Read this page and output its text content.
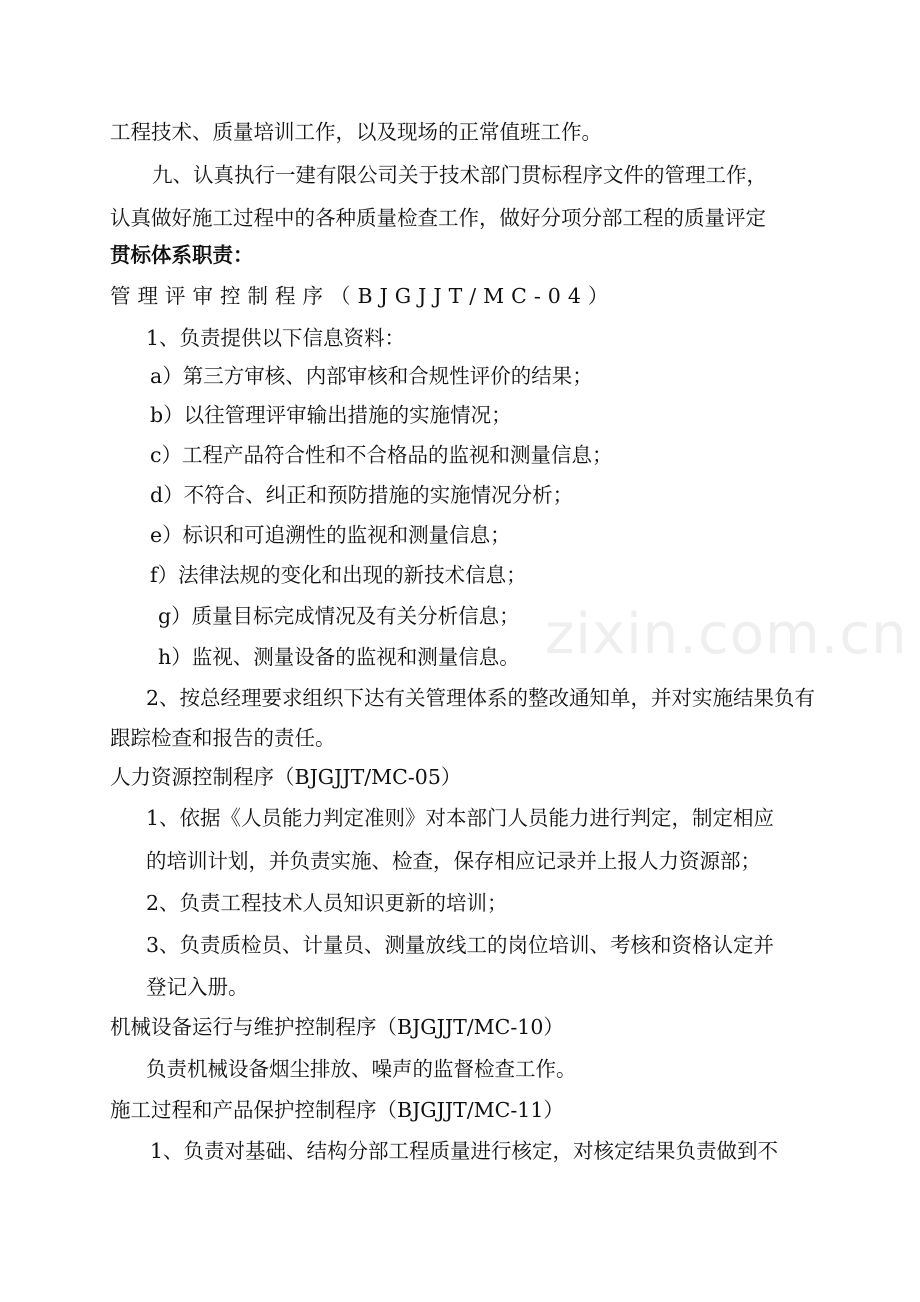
工程技术、质量培训工作，以及现场的正常值班工作。
九、认真执行一建有限公司关于技术部门贯标程序文件的管理工作，
认真做好施工过程中的各种质量检查工作，做好分项分部工程的质量评定
贯标体系职责：
管理评审控制程序（BJGJJT/MC-04）
1、负责提供以下信息资料：
a）第三方审核、内部审核和合规性评价的结果；
b）以往管理评审输出措施的实施情况；
c）工程产品符合性和不合格品的监视和测量信息；
d）不符合、纠正和预防措施的实施情况分析；
e）标识和可追溯性的监视和测量信息；
f）法律法规的变化和出现的新技术信息；
g）质量目标完成情况及有关分析信息；
h）监视、测量设备的监视和测量信息。
2、按总经理要求组织下达有关管理体系的整改通知单，并对实施结果负有
跟踪检查和报告的责任。
人力资源控制程序（BJGJJT/MC-05）
1、依据《人员能力判定准则》对本部门人员能力进行判定，制定相应
的培训计划，并负责实施、检查，保存相应记录并上报人力资源部；
2、负责工程技术人员知识更新的培训；
3、负责质检员、计量员、测量放线工的岗位培训、考核和资格认定并
登记入册。
机械设备运行与维护控制程序（BJGJJT/MC-10）
负责机械设备烟尘排放、噪声的监督检查工作。
施工过程和产品保护控制程序（BJGJJT/MC-11）
1、负责对基础、结构分部工程质量进行核定，对核定结果负责做到不
zixin.com.cn
